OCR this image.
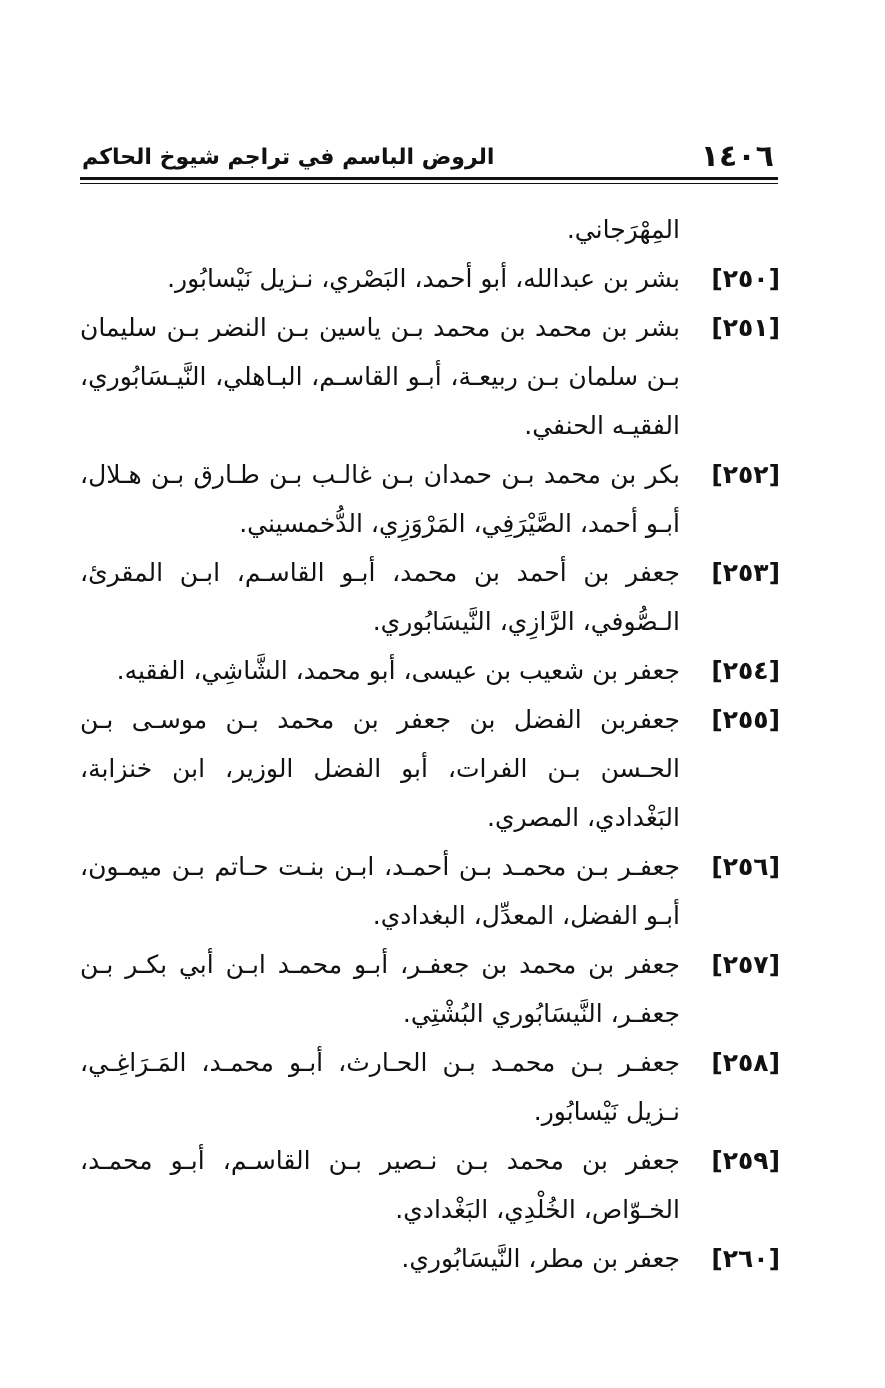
١٤٠٦
الروض الباسم في تراجم شيوخ الحاكم
المِهْرَجاني.
[٢٥٠]
بشر بن عبدالله، أبو أحمد، البَصْري، نـزيل نَيْسابُور.
[٢٥١]
بشر بن محمد بن محمد بـن ياسين بـن النضر بـن سليمان بـن سلمان بـن ربيعـة، أبـو القاسـم، البـاهلي، النَّيـسَابُوري، الفقيـه الحنفي.
[٢٥٢]
بكر بن محمد بـن حمدان بـن غالـب بـن طـارق بـن هـلال، أبـو أحمد، الصَّيْرَفِي، المَرْوَزِي، الدُّخمسيني.
[٢٥٣]
جعفر بن أحمد بن محمد، أبـو القاسـم، ابـن المقرئ، الـصُّوفي، الرَّازِي، النَّيسَابُوري.
[٢٥٤]
جعفر بن شعيب بن عيسى، أبو محمد، الشَّاشِي، الفقيه.
[٢٥٥]
جعفربن الفضل بن جعفر بن محمد بـن موسـى بـن الحـسن بـن الفرات، أبو الفضل الوزير، ابن خنزابة، البَغْدادي، المصري.
[٢٥٦]
جعفـر بـن محمـد بـن أحمـد، ابـن بنـت حـاتم بـن ميمـون، أبـو الفضل، المعدِّل، البغدادي.
[٢٥٧]
جعفر بن محمد بن جعفـر، أبـو محمـد ابـن أبي بكـر بـن جعفـر، النَّيسَابُوري البُشْتِي.
[٢٥٨]
جعفـر بـن محمـد بـن الحـارث، أبـو محمـد، المَـرَاغِـي، نـزيل نَيْسابُور.
[٢٥٩]
جعفر بن محمد بـن نـصير بـن القاسـم، أبـو محمـد، الخـوّاص، الخُلْدِي، البَغْدادي.
[٢٦٠]
جعفر بن مطر، النَّيسَابُوري.
